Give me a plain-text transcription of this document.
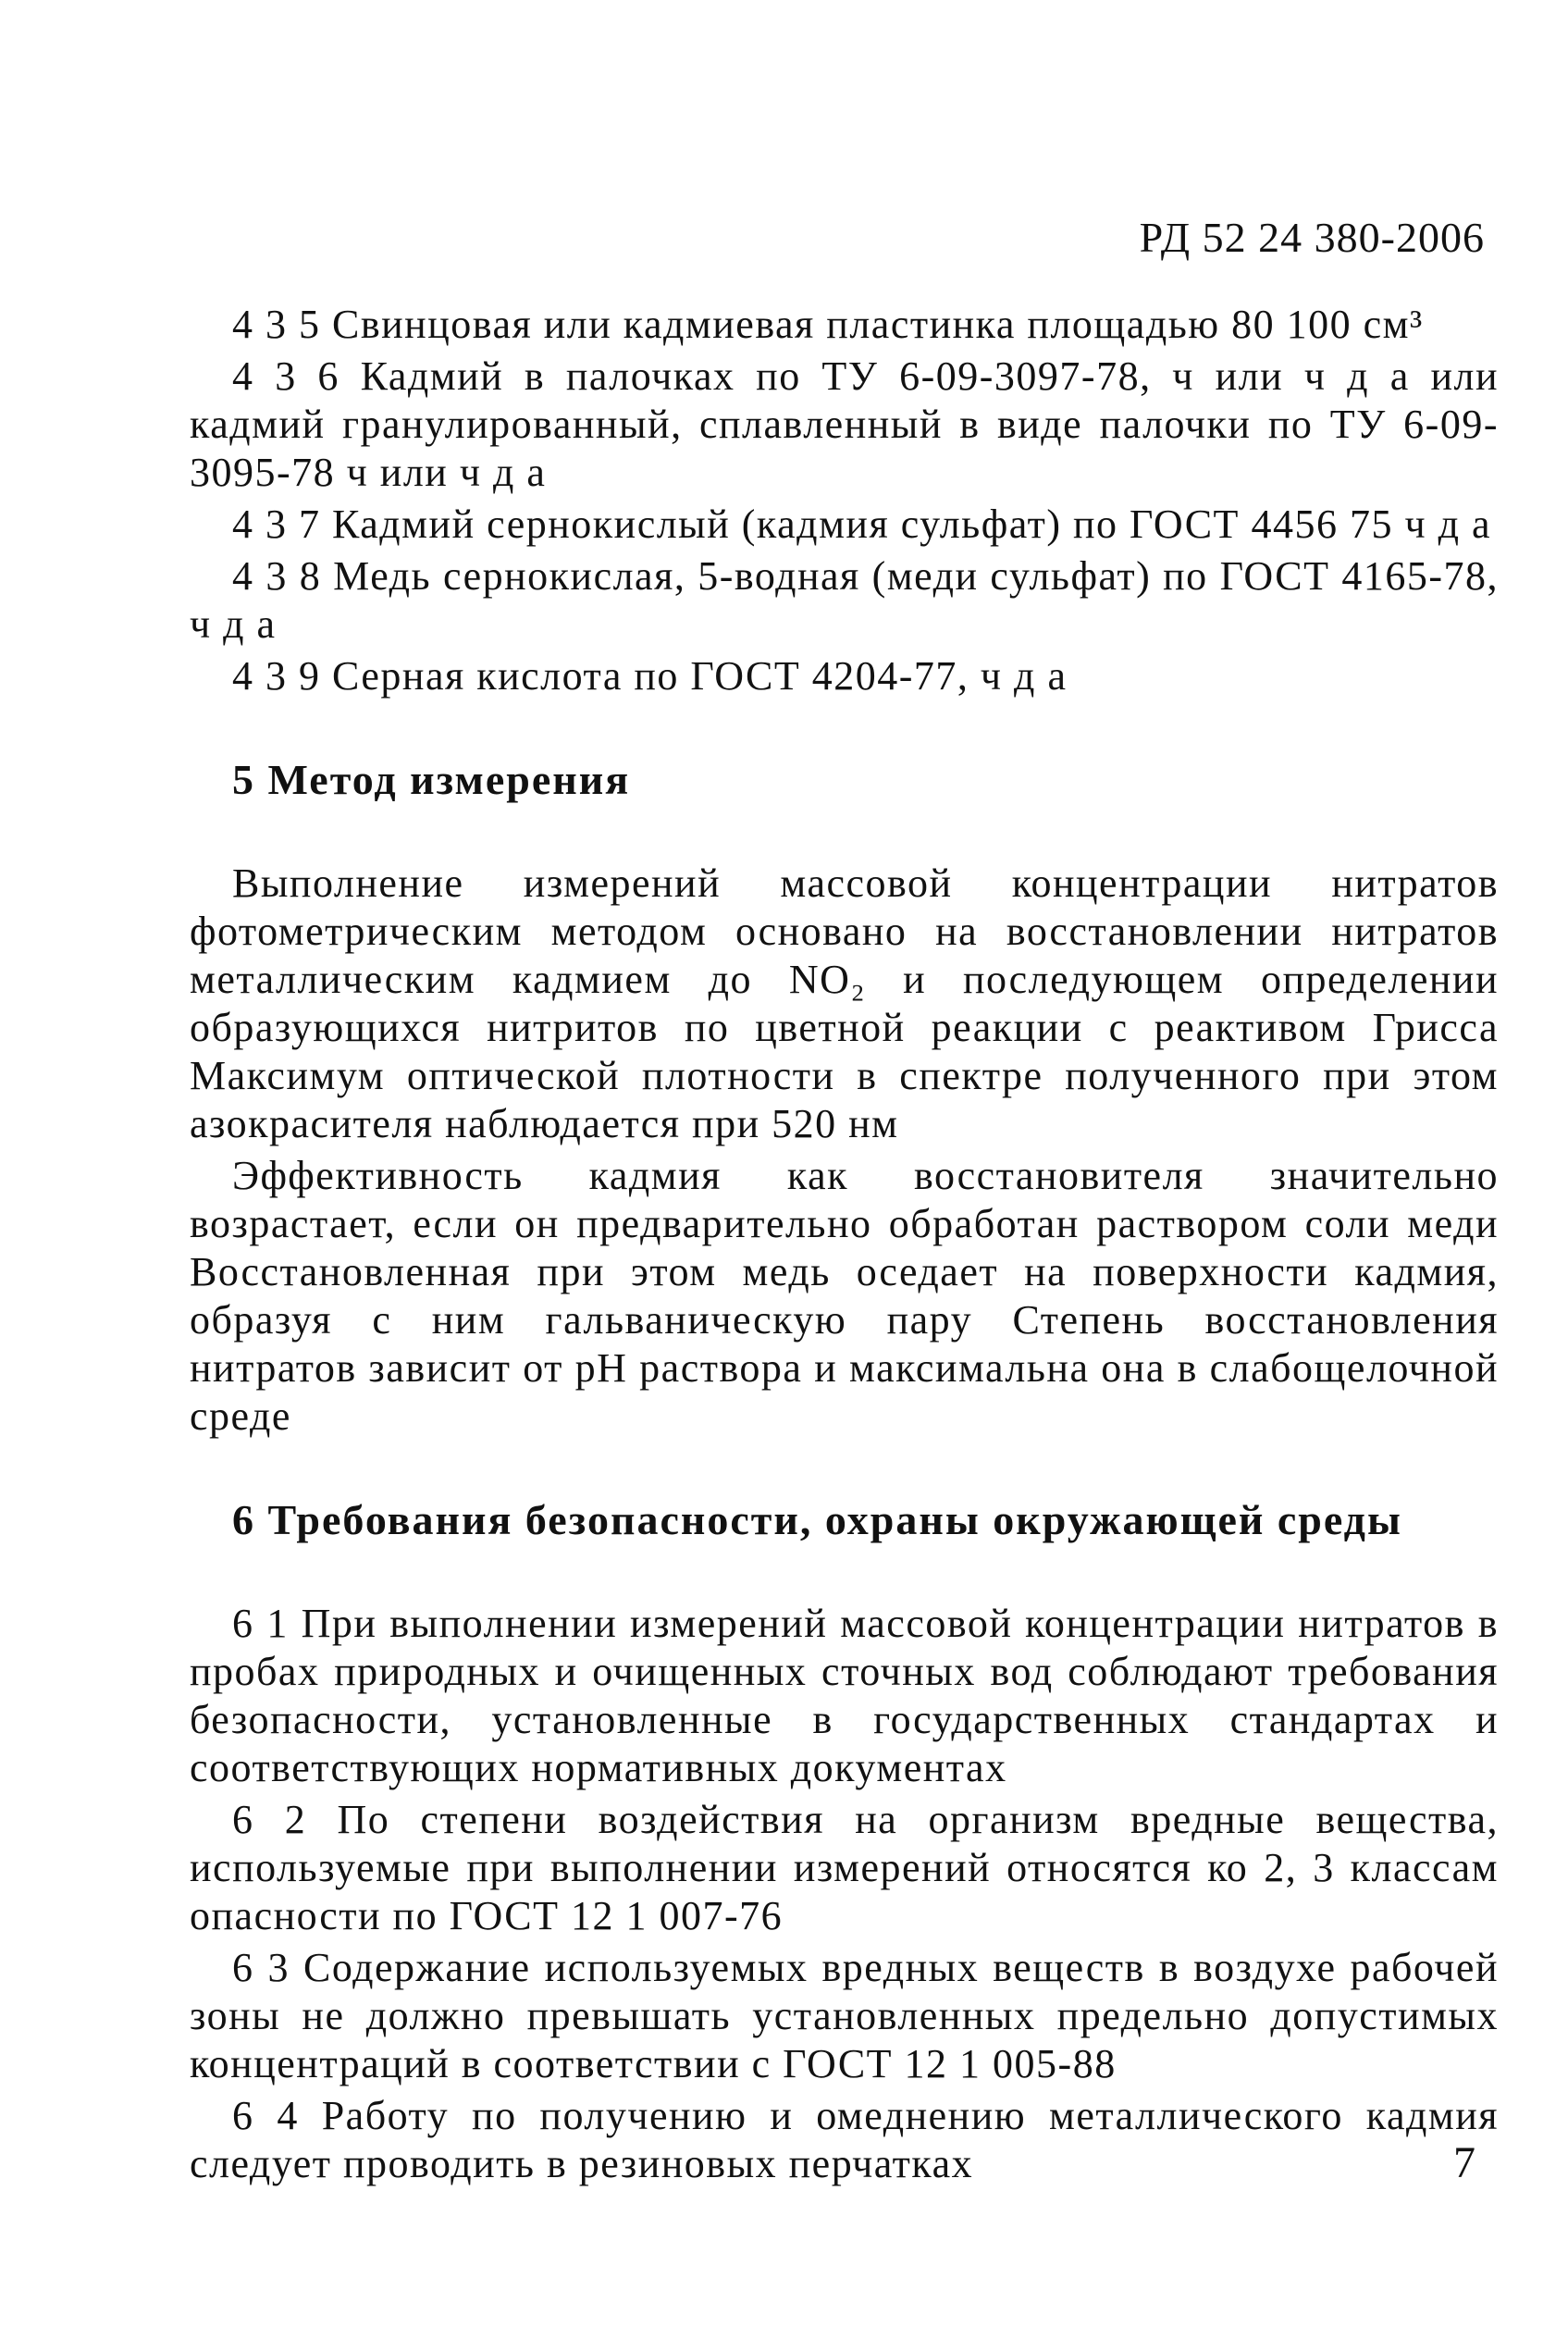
РД 52 24 380-2006

4 3 5 Свинцовая или кадмиевая пластинка площадью 80 100 см³

4 3 6 Кадмий в палочках по ТУ 6-09-3097-78, ч или ч д а или кадмий гранулированный, сплавленный в виде палочки по ТУ 6-09-3095-78 ч или ч д а

4 3 7 Кадмий сернокислый (кадмия сульфат) по ГОСТ 4456 75 ч д а

4 3 8 Медь сернокислая, 5-водная (меди сульфат) по ГОСТ 4165-78, ч д а

4 3 9 Серная кислота по ГОСТ 4204-77, ч д а

5 Метод измерения

Выполнение измерений массовой концентрации нитратов фотометрическим методом основано на восстановлении нитратов металлическим кадмием до NO₂ и последующем определении образующихся нитритов по цветной реакции с реактивом Грисса Максимум оптической плотности в спектре полученного при этом азокрасителя наблюдается при 520 нм

Эффективность кадмия как восстановителя значительно возрастает, если он предварительно обработан раствором соли меди Восстановленная при этом медь оседает на поверхности кадмия, образуя с ним гальваническую пару Степень восстановления нитратов зависит от pH раствора и максимальна она в слабощелочной среде

6 Требования безопасности, охраны окружающей среды

6 1 При выполнении измерений массовой концентрации нитратов в пробах природных и очищенных сточных вод соблюдают требования безопасности, установленные в государственных стандартах и соответствующих нормативных документах

6 2 По степени воздействия на организм вредные вещества, используемые при выполнении измерений относятся ко 2, 3 классам опасности по ГОСТ 12 1 007-76

6 3 Содержание используемых вредных веществ в воздухе рабочей зоны не должно превышать установленных предельно допустимых концентраций в соответствии с ГОСТ 12 1 005-88

6 4 Работу по получению и омеднению металлического кадмия следует проводить в резиновых перчатках	7
